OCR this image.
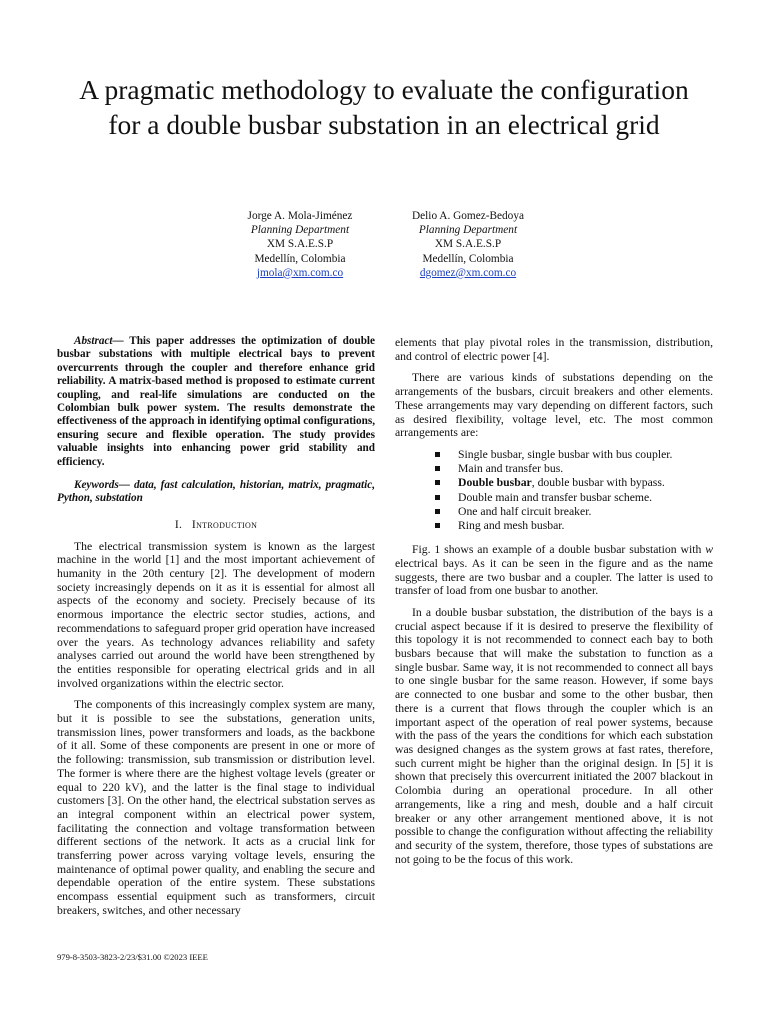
A pragmatic methodology to evaluate the configuration for a double busbar substation in an electrical grid
Jorge A. Mola-Jiménez
Planning Department
XM S.A.E.S.P
Medellín, Colombia
jmola@xm.com.co
Delio A. Gomez-Bedoya
Planning Department
XM S.A.E.S.P
Medellín, Colombia
dgomez@xm.com.co

Abstract— This paper addresses the optimization of double busbar substations with multiple electrical bays to prevent overcurrents through the coupler and therefore enhance grid reliability. A matrix-based method is proposed to estimate current coupling, and real-life simulations are conducted on the Colombian bulk power system. The results demonstrate the effectiveness of the approach in identifying optimal configurations, ensuring secure and flexible operation. The study provides valuable insights into enhancing power grid stability and efficiency.

Keywords— data, fast calculation, historian, matrix, pragmatic, Python, substation

I. Introduction

The electrical transmission system is known as the largest machine in the world [1] and the most important achievement of humanity in the 20th century [2]. The development of modern society increasingly depends on it as it is essential for almost all aspects of the economy and society. Precisely because of its enormous importance the electric sector studies, actions, and recommendations to safeguard proper grid operation have increased over the years. As technology advances reliability and safety analyses carried out around the world have been strengthened by the entities responsible for operating electrical grids and in all involved organizations within the electric sector.

The components of this increasingly complex system are many, but it is possible to see the substations, generation units, transmission lines, power transformers and loads, as the backbone of it all. Some of these components are present in one or more of the following: transmission, sub transmission or distribution level. The former is where there are the highest voltage levels (greater or equal to 220 kV), and the latter is the final stage to individual customers [3]. On the other hand, the electrical substation serves as an integral component within an electrical power system, facilitating the connection and voltage transformation between different sections of the network. It acts as a crucial link for transferring power across varying voltage levels, ensuring the maintenance of optimal power quality, and enabling the secure and dependable operation of the entire system. These substations encompass essential equipment such as transformers, circuit breakers, switches, and other necessary

elements that play pivotal roles in the transmission, distribution, and control of electric power [4].

There are various kinds of substations depending on the arrangements of the busbars, circuit breakers and other elements. These arrangements may vary depending on different factors, such as desired flexibility, voltage level, etc. The most common arrangements are:

Single busbar, single busbar with bus coupler.
Main and transfer bus.
Double busbar, double busbar with bypass.
Double main and transfer busbar scheme.
One and half circuit breaker.
Ring and mesh busbar.

Fig. 1 shows an example of a double busbar substation with w electrical bays. As it can be seen in the figure and as the name suggests, there are two busbar and a coupler. The latter is used to transfer of load from one busbar to another.

In a double busbar substation, the distribution of the bays is a crucial aspect because if it is desired to preserve the flexibility of this topology it is not recommended to connect each bay to both busbars because that will make the substation to function as a single busbar. Same way, it is not recommended to connect all bays to one single busbar for the same reason. However, if some bays are connected to one busbar and some to the other busbar, then there is a current that flows through the coupler which is an important aspect of the operation of real power systems, because with the pass of the years the conditions for which each substation was designed changes as the system grows at fast rates, therefore, such current might be higher than the original design. In [5] it is shown that precisely this overcurrent initiated the 2007 blackout in Colombia during an operational procedure. In all other arrangements, like a ring and mesh, double and a half circuit breaker or any other arrangement mentioned above, it is not possible to change the configuration without affecting the reliability and security of the system, therefore, those types of substations are not going to be the focus of this work.

979-8-3503-3823-2/23/$31.00 ©2023 IEEE
